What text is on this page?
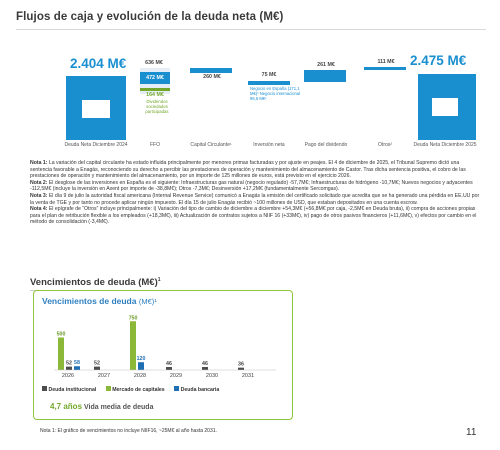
Flujos de caja y evolución de la deuda neta (M€)
2.404 M€
Deuda Neta Diciembre 2024
636 M€
472 M€
164 M€
Dividendos sociedades participadas
FFO
260 M€
Capital Circulante¹
75 M€
Negocio en España (171,1 M€)¹ Negocio internacional 96,5 M€¹
Inversión neta
261 M€
Pago del dividendo
111 M€
Otros²
2.475 M€
Deuda Neta Diciembre 2025

Nota 1: La variación del capital circulante ha estado influida principalmente por menores primas facturadas y por ajuste en peajes. El 4 de diciembre de 2025, el Tribunal Supremo dictó una sentencia favorable a Enagás, reconociendo su derecho a percibir las prestaciones de operación y mantenimiento del almacenamiento de Castor. Tras dicha sentencia positiva, el cobro de las prestaciones de operación y mantenimiento del almacenamiento, por un importe de 125 millones de euros, está previsto en el ejercicio 2026.

Nota 2: El desglose de las inversiones en España es el siguiente: Infraestructuras gas natural (negocio regulado) -57,7M€; Infraestructuras de hidrógeno -10,7M€; Nuevos negocios y adyacentes -112,5M€ (incluye la inversión en Axent por importe de -38,8M€); Otros -7,3M€; Desinversión +17,2M€ (fundamentalmente Sercomgas).

Nota 3: El día 9 de julio la autoridad fiscal americana (Internal Revenue Service) comunicó a Enagás la emisión del certificado solicitado que acredita que se ha generado una pérdida en EE.UU por la venta de TGE y por tanto no procede aplicar ningún impuesto. El día 15 de julio Enagás recibió ~100 millones de USD, que estaban depositados en una cuenta escrow.

Nota 4: El epígrafe de “Otros” incluye principalmente: i) Variación del tipo de cambio de diciembre a diciembre +54,3M€ (+56,8M€ por caja, -2,5M€ en Deuda bruta), ii) compra de acciones propias para el plan de retribución flexible a los empleados (+18,3M€), iii) Actualización de contratos sujetos a NIIF 16 (+33M€), iv) pago de otros pasivos financieros (+11,6M€), v) efectos por cambio en el método de consolidación (-3,4M€).

Vencimientos de deuda (M€)$^1$
Vencimientos de deuda (M€)¹
500
52 58	52
750
120
46	46	36
2026	2027	2028	2029	2030	2031
Deuda institucional	Mercado de capitales	Deuda bancaria
4,7 años Vida media de deuda
Nota 1: El gráfico de vencimientos no incluye NIIF16, ~25M€ al año hasta 2031.	11
